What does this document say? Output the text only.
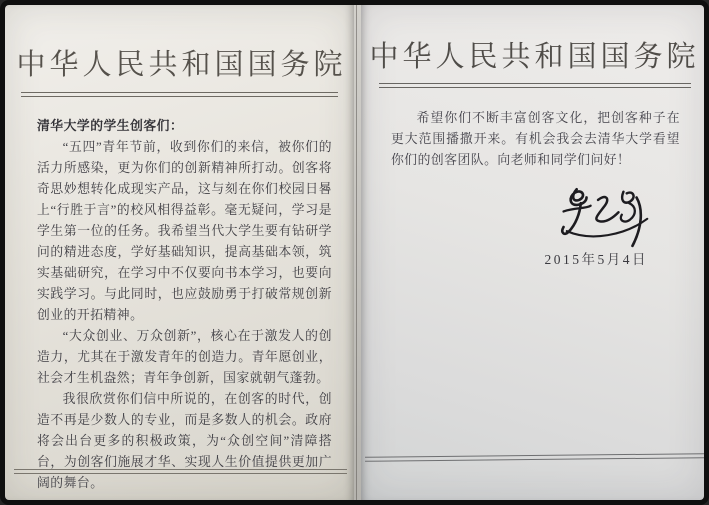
中华人民共和国国务院

清华大学的学生创客们：

“五四”青年节前，收到你们的来信，被你们的活力所感染，更为你们的创新精神所打动。创客将奇思妙想转化成现实产品，这与刻在你们校园日晷上“行胜于言”的校风相得益彰。毫无疑问，学习是学生第一位的任务。我希望当代大学生要有钻研学问的精进态度，学好基础知识，提高基础本领，筑实基础研究，在学习中不仅要向书本学习，也要向实践学习。与此同时，也应鼓励勇于打破常规创新创业的开拓精神。

“大众创业、万众创新”，核心在于激发人的创造力，尤其在于激发青年的创造力。青年愿创业，社会才生机盎然；青年争创新，国家就朝气蓬勃。

我很欣赏你们信中所说的，在创客的时代，创造不再是少数人的专业，而是多数人的机会。政府将会出台更多的积极政策，为“众创空间”清障搭台，为创客们施展才华、实现人生价值提供更加广阔的舞台。

中华人民共和国国务院

希望你们不断丰富创客文化，把创客种子在更大范围播撒开来。有机会我会去清华大学看望你们的创客团队。向老师和同学们问好！

2015年5月4日
